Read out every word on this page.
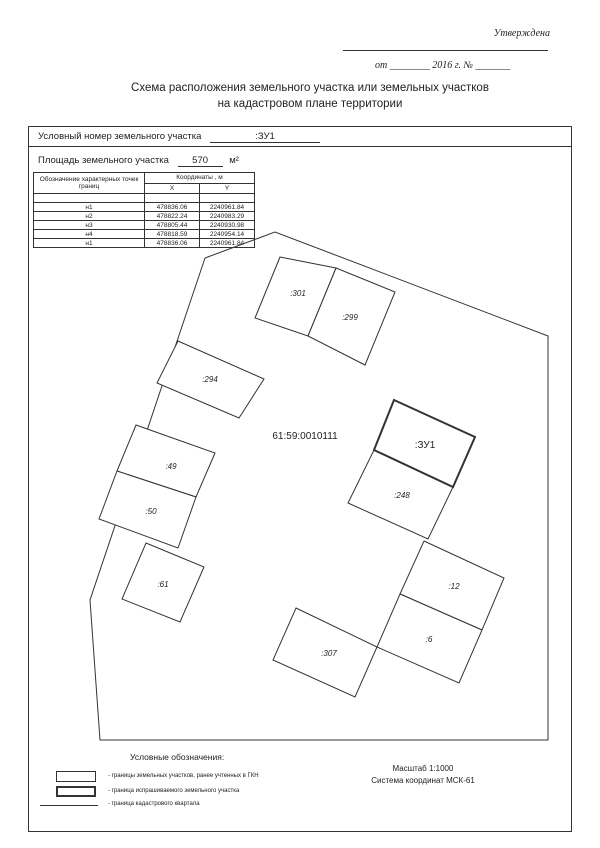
Утверждена
от ________ 2016 г. № _______
Схема расположения земельного участка или земельных участков
на кадастровом плане территории
Условный номер земельного участка	:ЗУ1
Площадь земельного участка 570 м²
Обозначение характерных точек границ	Координаты , м	
	X	Y

н1	478836.06	2240961.84
н2	478822.24	2240983.29
н3	478805.44	2240930.98
н4	478818.59	2240954.14
н1	478836.06	2240961.84
:301
:299
:294
:49
:50
:61
:248
:12
:6
:307
:ЗУ1
61:59:0010111
Условные обозначения:
- границы земельных участков, ранее учтенных в ГКН
- граница испрашиваемого земельного участка
- граница кадастрового квартала
Масштаб 1:1000
Система координат МСК-61
